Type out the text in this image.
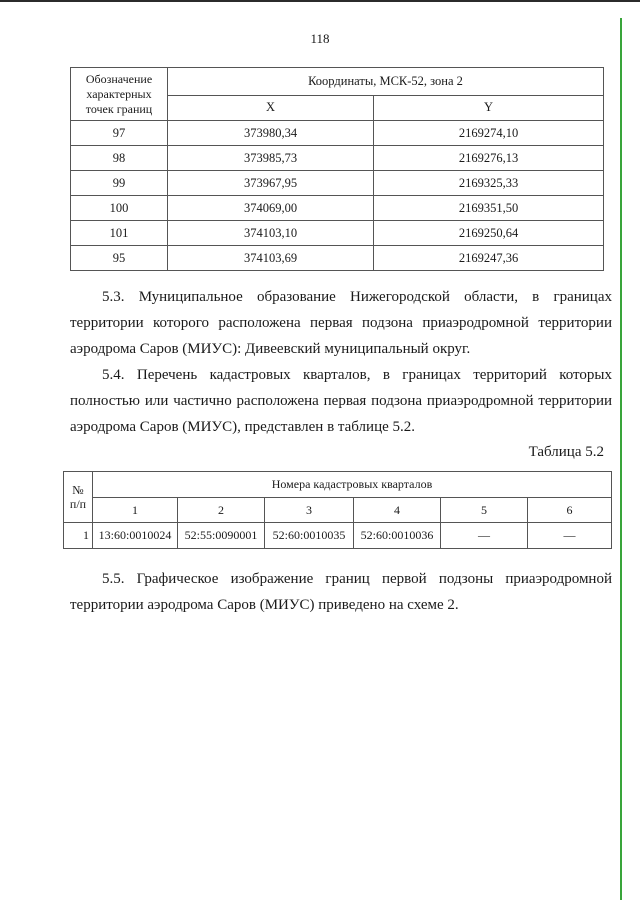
118
Обозначение
характерных
точек границ	Координаты, МСК-52, зона 2	
	X	Y
97	373980,34	2169274,10
98	373985,73	2169276,13
99	373967,95	2169325,33
100	374069,00	2169351,50
101	374103,10	2169250,64
95	374103,69	2169247,36
5.3. Муниципальное образование Нижегородской области, в границах
территории которого расположена первая подзона приаэродромной территории
аэродрома Саров (МИУС): Дивеевский муниципальный округ.
5.4. Перечень кадастровых кварталов, в границах территорий которых
полностью или частично расположена первая подзона приаэродромной территории
аэродрома Саров (МИУС), представлен в таблице 5.2.
Таблица 5.2
№
п/п	Номера кадастровых кварталов					
	1	2	3	4	5	6
1	13:60:0010024	52:55:0090001	52:60:0010035	52:60:0010036	—	—
5.5. Графическое изображение границ первой подзоны приаэродромной
территории аэродрома Саров (МИУС) приведено на схеме 2.
